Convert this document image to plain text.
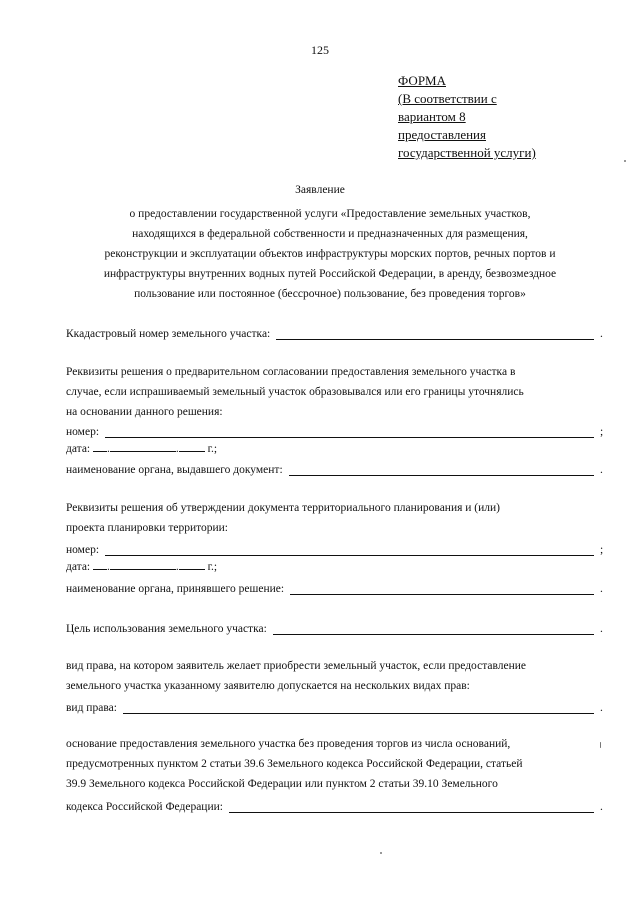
125
ФОРМА
(В соответствии с
вариантом 8
предоставления
государственной услуги)
Заявление
о предоставлении государственной услуги «Предоставление земельных участков,
находящихся в федеральной собственности и предназначенных для размещения,
реконструкции и эксплуатации объектов инфраструктуры морских портов, речных портов и
инфраструктуры внутренних водных путей Российской Федерации, в аренду, безвозмездное
пользование или постоянное (бессрочное) пользование, без проведения торгов»
Ккадастровый номер земельного участка:	.
Реквизиты решения о предварительном согласовании предоставления земельного участка в
случае, если испрашиваемый земельный участок образовывался или его границы уточнялись
на основании данного решения:
номер:	;
дата: .	.	г.;
наименование органа, выдавшего документ:	.
Реквизиты решения об утверждении документа территориального планирования и (или)
проекта планировки территории:
номер:	;
дата: .	.	г.;
наименование органа, принявшего решение:	.
Цель использования земельного участка:	.
вид права, на котором заявитель желает приобрести земельный участок, если предоставление
земельного участка указанному заявителю допускается на нескольких видах прав:
вид права:	.
основание предоставления земельного участка без проведения торгов из числа оснований,
предусмотренных пунктом 2 статьи 39.6 Земельного кодекса Российской Федерации, статьей
39.9 Земельного кодекса Российской Федерации или пунктом 2 статьи 39.10 Земельного
кодекса Российской Федерации:	.
